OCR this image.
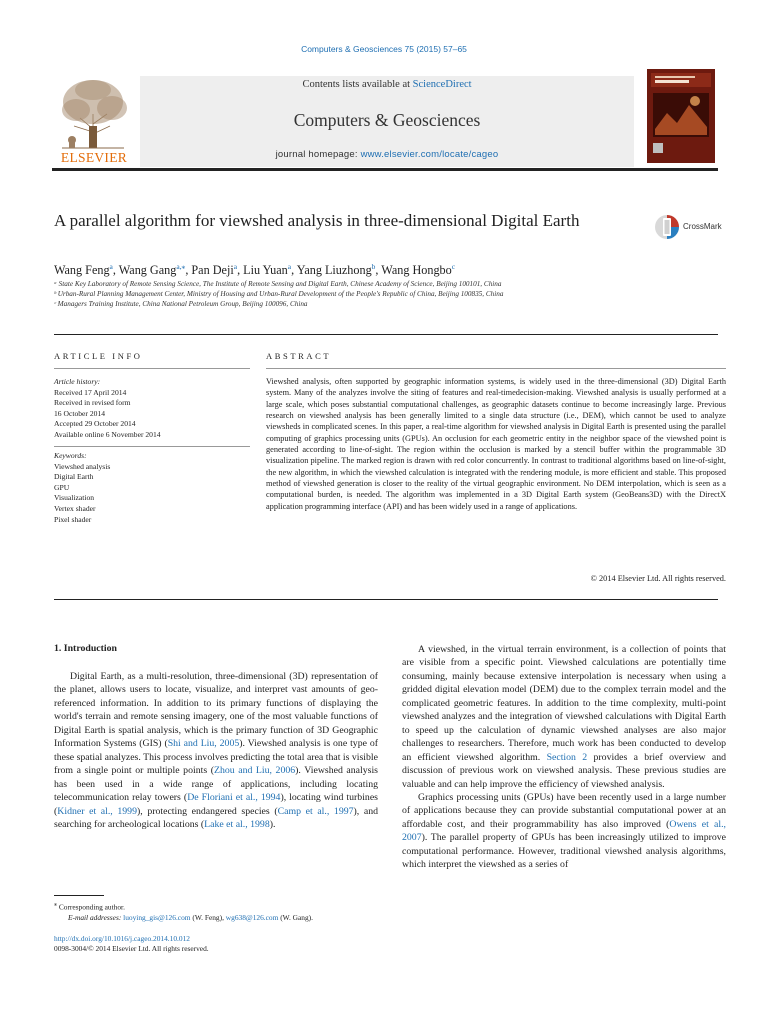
Computers & Geosciences 75 (2015) 57–65
ELSEVIER
Contents lists available at ScienceDirect
Computers & Geosciences
journal homepage: www.elsevier.com/locate/cageo
A parallel algorithm for viewshed analysis in three-dimensional Digital Earth	CrossMark
Wang Feng$^a$, Wang Gang$^{a,⁎}$, Pan Deji$^a$, Liu Yuan$^a$, Yang Liuzhong$^b$, Wang Hongbo$^c$
ᵃ State Key Laboratory of Remote Sensing Science, The Institute of Remote Sensing and Digital Earth, Chinese Academy of Science, Beijing 100101, China
ᵇ Urban-Rural Planning Management Center, Ministry of Housing and Urban-Rural Development of the People's Republic of China, Beijing 100835, China
ᶜ Managers Training Institute, China National Petroleum Group, Beijing 100096, China
ARTICLE INFO	ABSTRACT
Article history:
Received 17 April 2014
Received in revised form
16 October 2014
Accepted 29 October 2014
Available online 6 November 2014
Keywords:
Viewshed analysis
Digital Earth
GPU
Visualization
Vertex shader
Pixel shader
Viewshed analysis, often supported by geographic information systems, is widely used in the three-dimensional (3D) Digital Earth system. Many of the analyzes involve the siting of features and real-timedecision-making. Viewshed analysis is usually performed at a large scale, which poses substantial computational challenges, as geographic datasets continue to become increasingly large. Previous research on viewshed analysis has been generally limited to a single data structure (i.e., DEM), which cannot be used to analyze viewsheds in complicated scenes. In this paper, a real-time algorithm for viewshed analysis in Digital Earth is presented using the parallel computing of graphics processing units (GPUs). An occlusion for each geometric entity in the neighbor space of the viewshed point is generated according to line-of-sight. The region within the occlusion is marked by a stencil buffer within the programmable 3D visualization pipeline. The marked region is drawn with red color concurrently. In contrast to traditional algorithms based on line-of-sight, the new algorithm, in which the viewshed calculation is integrated with the rendering module, is more efficient and stable. This proposed method of viewshed generation is closer to the reality of the virtual geographic environment. No DEM interpolation, which is seen as a computational burden, is needed. The algorithm was implemented in a 3D Digital Earth system (GeoBeans3D) with the DirectX application programming interface (API) and has been widely used in a range of applications.
© 2014 Elsevier Ltd. All rights reserved.
1. Introduction

Digital Earth, as a multi-resolution, three-dimensional (3D) representation of the planet, allows users to locate, visualize, and interpret vast amounts of geo-referenced information. In addition to its primary functions of displaying the world's terrain and remote sensing imagery, one of the most valuable functions of Digital Earth is spatial analysis, which is the primary function of 3D Geographic Information Systems (GIS) (Shi and Liu, 2005). Viewshed analysis is one type of these spatial analyzes. This process involves predicting the total area that is visible from a single point or multiple points (Zhou and Liu, 2006). Viewshed analysis has been used in a wide range of applications, including locating telecommunication relay towers (De Floriani et al., 1994), locating wind turbines (Kidner et al., 1999), protecting endangered species (Camp et al., 1997), and searching for archeological locations (Lake et al., 1998).

A viewshed, in the virtual terrain environment, is a collection of points that are visible from a specific point. Viewshed calculations are potentially time consuming, mainly because extensive interpolation is necessary when using a gridded digital elevation model (DEM) due to the complex terrain model and the complicated geometric features. In addition to the time complexity, multi-point viewshed analyzes and the integration of viewshed calculations with Digital Earth to speed up the calculation of dynamic viewshed analyses are also major challenges to researchers. Therefore, much work has been conducted to develop an efficient viewshed algorithm. Section 2 provides a brief overview and discussion of previous work on viewshed analysis. These previous studies are valuable and can help improve the efficiency of viewshed analysis.

Graphics processing units (GPUs) have been recently used in a large number of applications because they can provide substantial computational power at an affordable cost, and their programmability has also improved (Owens et al., 2007). The parallel property of GPUs has been increasingly utilized to improve computational performance. However, traditional viewshed analysis algorithms, which interpret the viewshed as a series of

⁎ Corresponding author.
E-mail addresses: luoying_gis@126.com (W. Feng), wg638@126.com (W. Gang).
http://dx.doi.org/10.1016/j.cageo.2014.10.012
0098-3004/© 2014 Elsevier Ltd. All rights reserved.
